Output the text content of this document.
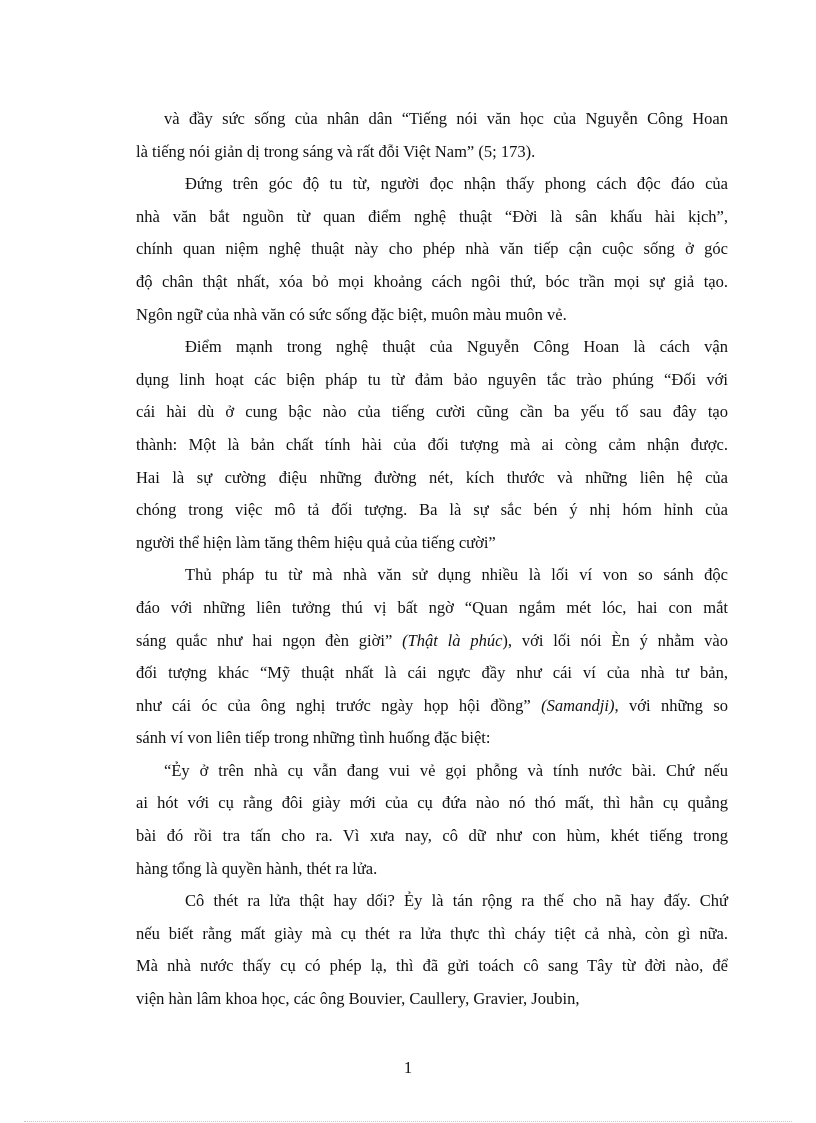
và đầy sức sống của nhân dân “Tiếng nói văn học của Nguyễn Công Hoan
là tiếng nói giản dị trong sáng và rất đỗi Việt Nam” (5; 173).
Đứng trên góc độ tu từ, người đọc nhận thấy phong cách độc đáo của
nhà văn bắt nguồn từ quan điểm nghệ thuật “Đời là sân khấu hài kịch”,
chính quan niệm nghệ thuật này cho phép nhà văn tiếp cận cuộc sống ở góc
độ chân thật nhất, xóa bỏ mọi khoảng cách ngôi thứ, bóc trần mọi sự giả tạo.
Ngôn ngữ của nhà văn có sức sống đặc biệt, muôn màu muôn vẻ.
Điểm mạnh trong nghệ thuật của Nguyễn Công Hoan là cách vận
dụng linh hoạt các biện pháp tu từ đảm bảo nguyên tắc trào phúng “Đối với
cái hài dù ở cung bậc nào của tiếng cười cũng cần ba yếu tố sau đây tạo
thành: Một là bản chất tính hài của đối tượng mà ai còng cảm nhận được.
Hai là sự cường điệu những đường nét, kích thước và những liên hệ của
chóng trong việc mô tả đối tượng. Ba là sự sắc bén ý nhị hóm hỉnh của
người thể hiện làm tăng thêm hiệu quả của tiếng cười”
Thủ pháp tu từ mà nhà văn sử dụng nhiều là lối ví von so sánh độc
đáo với những liên tưởng thú vị bất ngờ “Quan ngắm mét lóc, hai con mắt
sáng quắc như hai ngọn đèn giời” (Thật là phúc), với lối nói Èn ý nhằm vào
đối tượng khác “Mỹ thuật nhất là cái ngực đầy như cái ví của nhà tư bản,
như cái óc của ông nghị trước ngày họp hội đồng” (Samandji), với những so
sánh ví von liên tiếp trong những tình huống đặc biệt:
“Ẻy ở trên nhà cụ vẫn đang vui vẻ gọi phỗng và tính nước bài. Chứ nếu
ai hót với cụ rằng đôi giày mới của cụ đứa nào nó thó mất, thì hẳn cụ quẳng
bài đó rồi tra tấn cho ra. Vì xưa nay, cô dữ như con hùm, khét tiếng trong
hàng tổng là quyền hành, thét ra lửa.
Cô thét ra lửa thật hay dối? Ẻy là tán rộng ra thế cho nã hay đấy. Chứ
nếu biết rằng mất giày mà cụ thét ra lửa thực thì cháy tiệt cả nhà, còn gì nữa.
Mà nhà nước thấy cụ có phép lạ, thì đã gửi toách cô sang Tây từ đời nào, để
viện hàn lâm khoa học, các ông Bouvier, Caullery, Gravier, Joubin,
1
